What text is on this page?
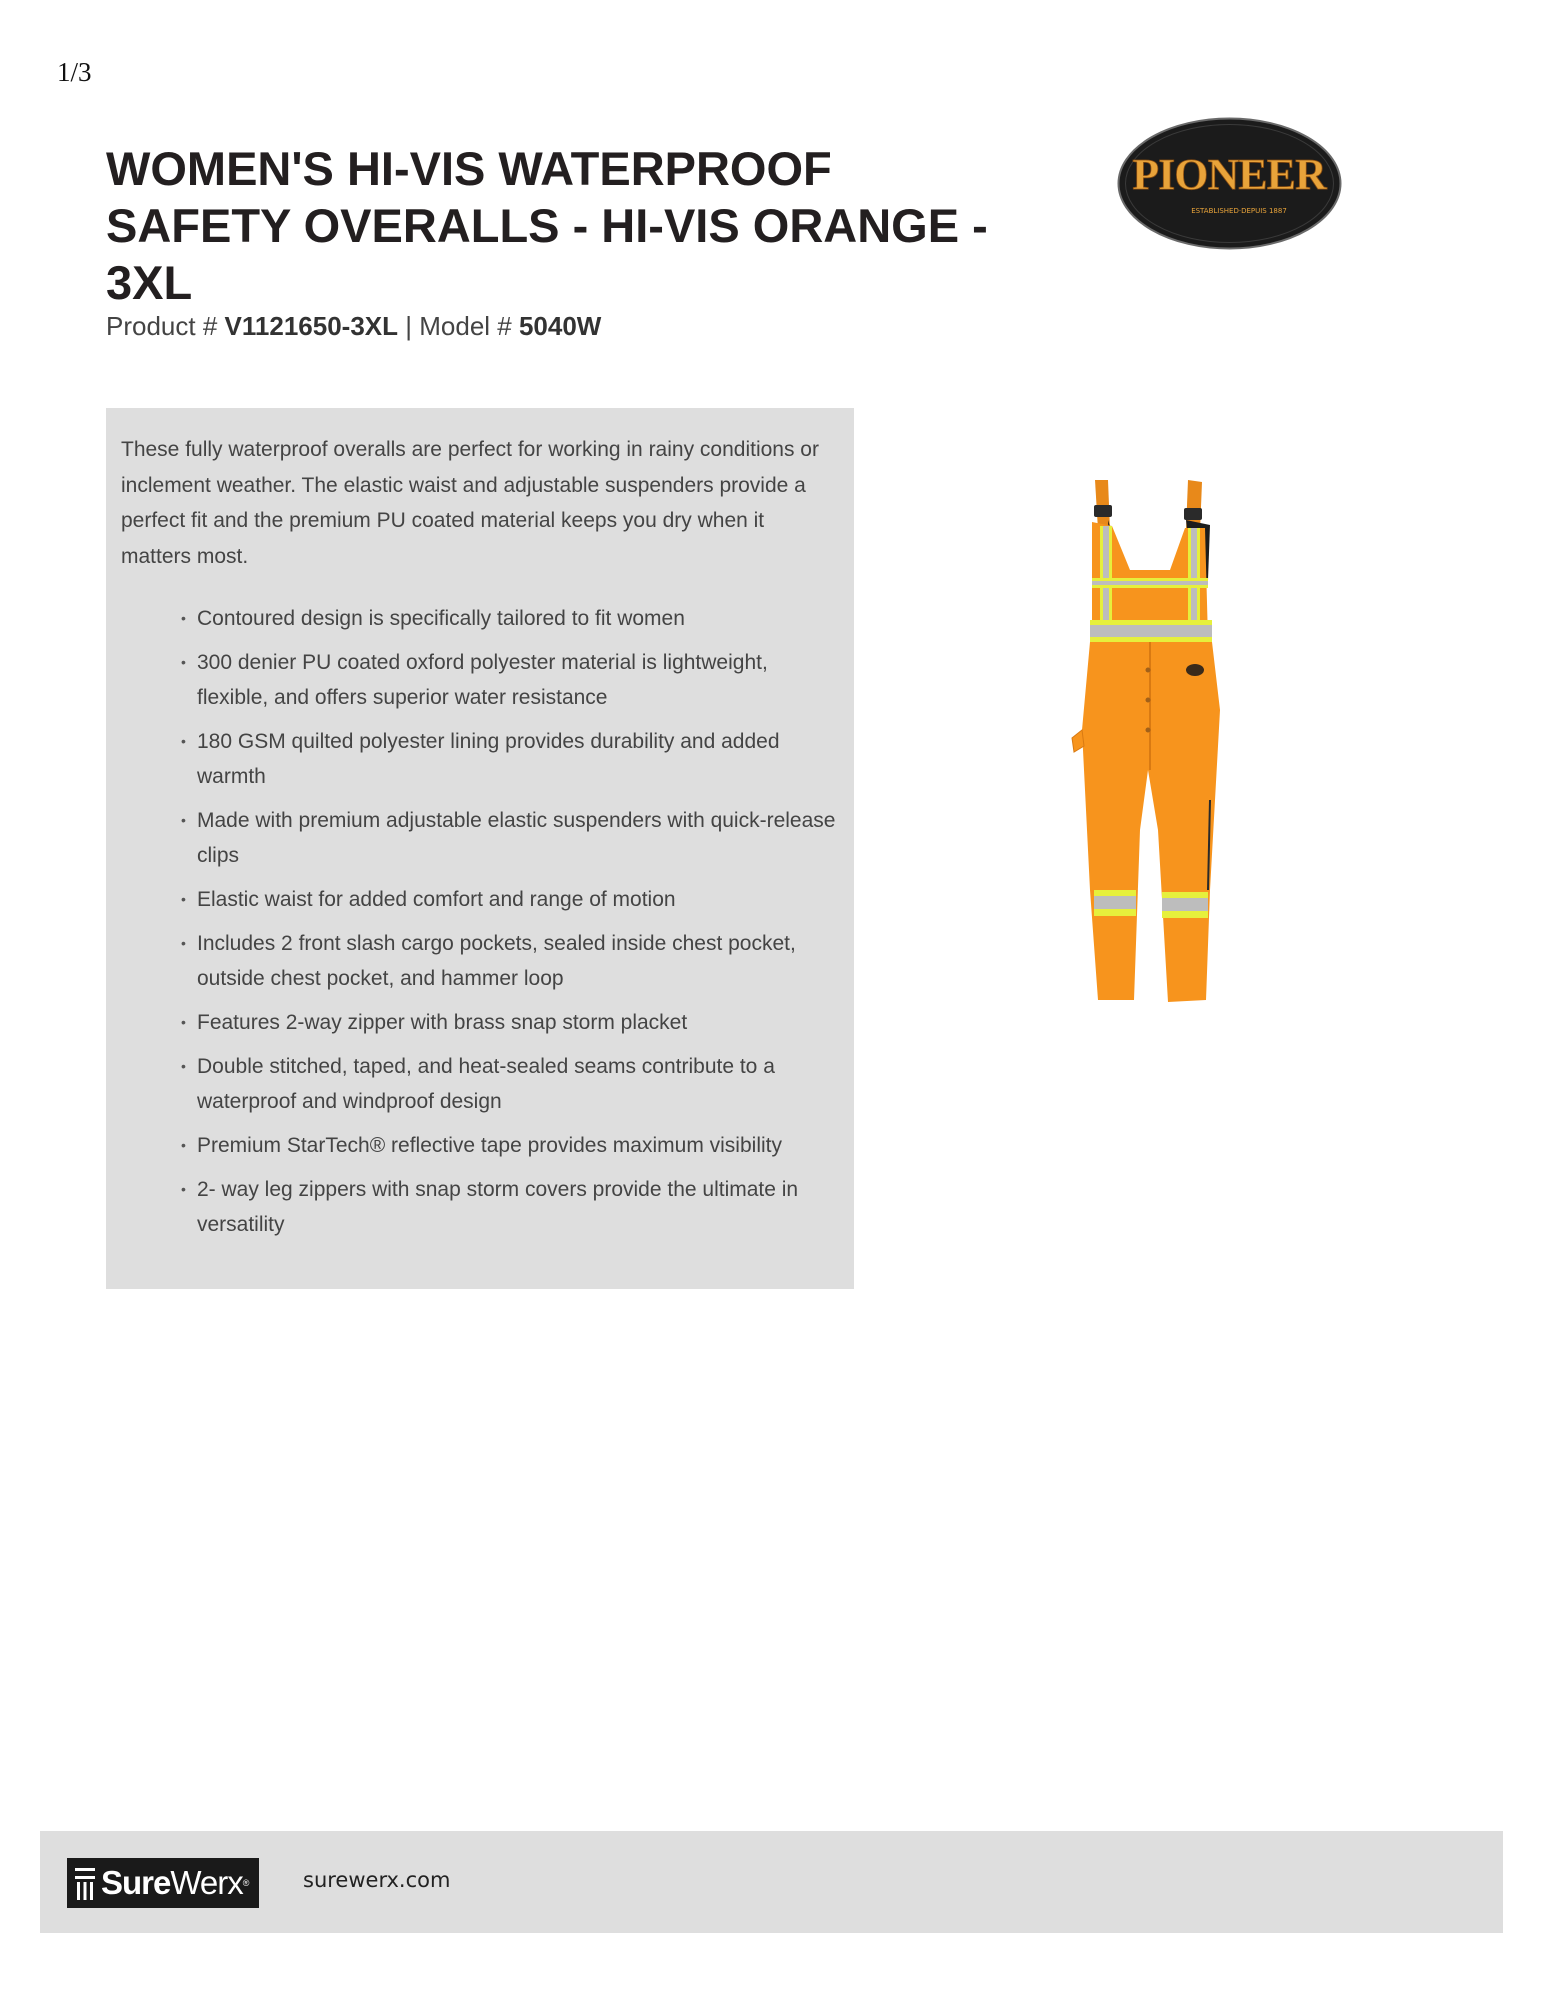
1/3
WOMEN'S HI-VIS WATERPROOF SAFETY OVERALLS - HI-VIS ORANGE - 3XL
Product # V1121650-3XL | Model # 5040W
PIONEER
ESTABLISHED·DEPUIS 1887

These fully waterproof overalls are perfect for working in rainy conditions or inclement weather. The elastic waist and adjustable suspenders provide a perfect fit and the premium PU coated material keeps you dry when it matters most.

• Contoured design is specifically tailored to fit women
• 300 denier PU coated oxford polyester material is lightweight, flexible, and offers superior water resistance
• 180 GSM quilted polyester lining provides durability and added warmth
• Made with premium adjustable elastic suspenders with quick-release clips
• Elastic waist for added comfort and range of motion
• Includes 2 front slash cargo pockets, sealed inside chest pocket, outside chest pocket, and hammer loop
• Features 2-way zipper with brass snap storm placket
• Double stitched, taped, and heat-sealed seams contribute to a waterproof and windproof design
• Premium StarTech® reflective tape provides maximum visibility
• 2- way leg zippers with snap storm covers provide the ultimate in versatility
SureWerx®	surewerx.com
